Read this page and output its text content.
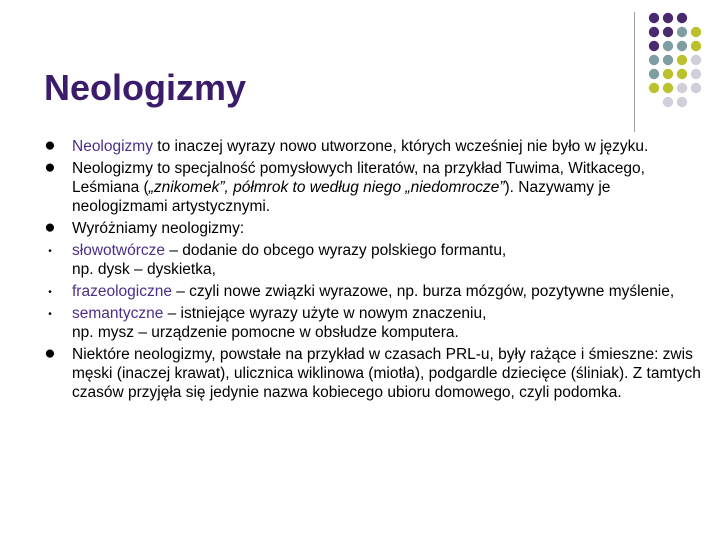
Neologizmy
● Neologizmy to inaczej wyrazy nowo utworzone, których wcześniej nie było w języku.
● Neologizmy to specjalność pomysłowych literatów, na przykład Tuwima, Witkacego, Leśmiana („znikomek”, półmrok to według niego „niedomrocze”). Nazywamy je neologizmami artystycznymi.
● Wyróżniamy neologizmy:
•	słowotwórcze – dodanie do obcego wyrazy polskiego formantu,
np. dysk – dyskietka,
•	frazeologiczne – czyli nowe związki wyrazowe, np. burza mózgów, pozytywne myślenie,
•	semantyczne – istniejące wyrazy użyte w nowym znaczeniu,
np. mysz – urządzenie pomocne w obsłudze komputera.
● Niektóre neologizmy, powstałe na przykład w czasach PRL-u, były rażące i śmieszne: zwis męski (inaczej krawat), ulicznica wiklinowa (miotła), podgardle dziecięce (śliniak). Z tamtych czasów przyjęła się jedynie nazwa kobiecego ubioru domowego, czyli podomka.
